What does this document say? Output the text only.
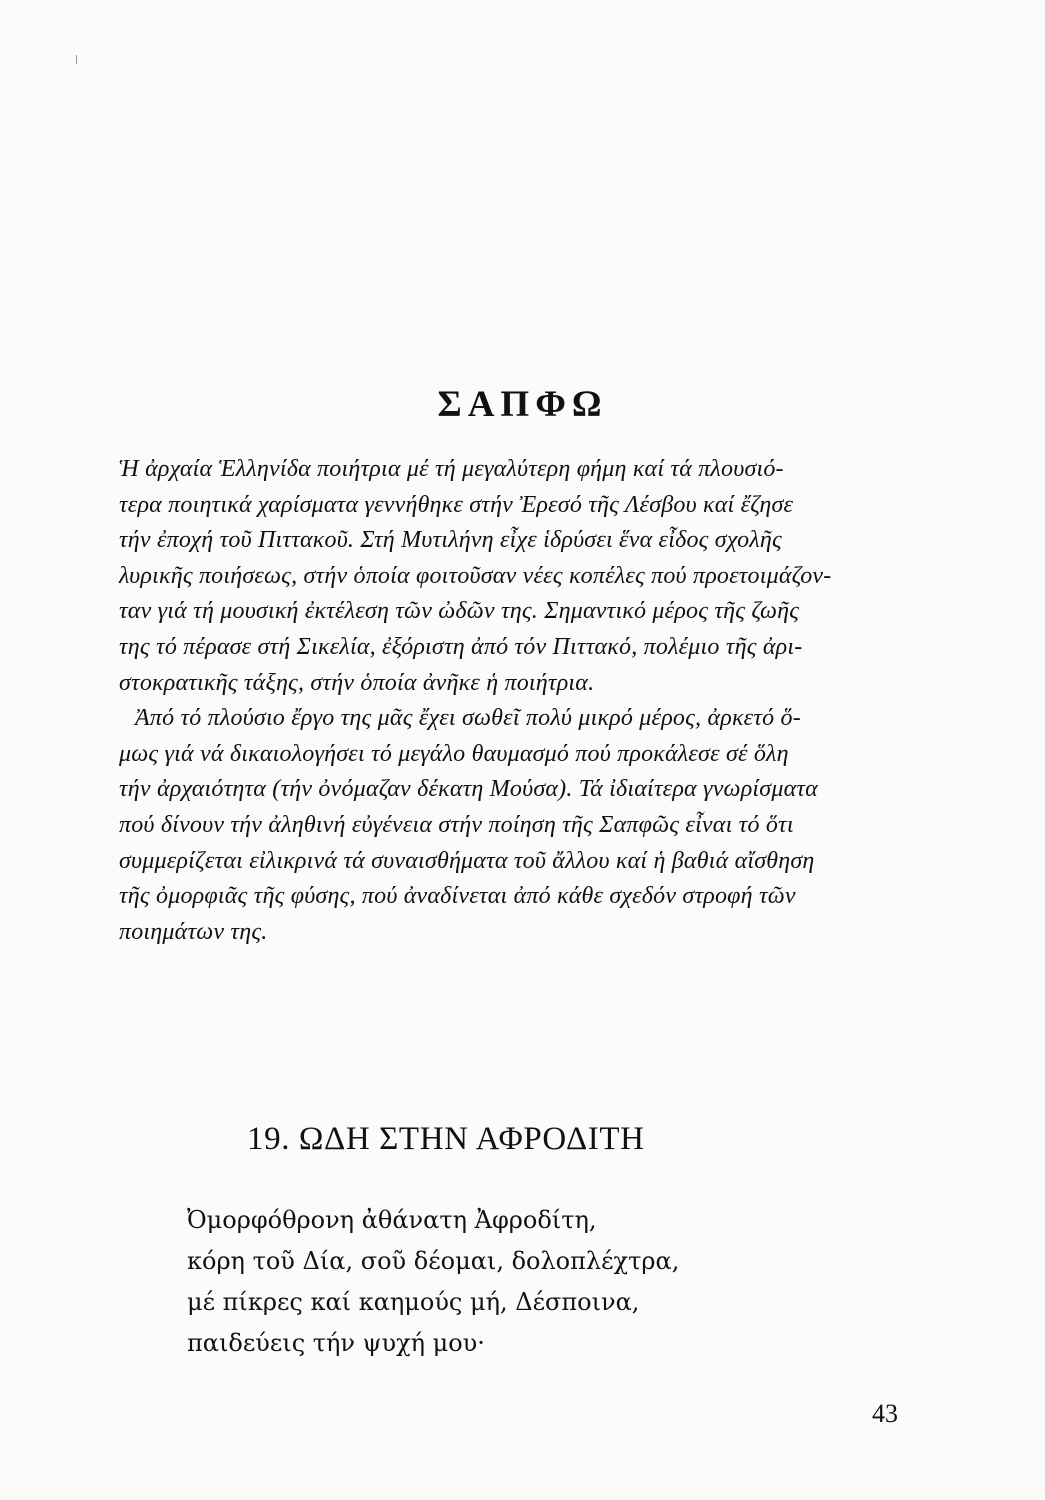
ΣΑΠΦΩ
Ἡ ἀρχαία Ἑλληνίδα ποιήτρια μέ τή μεγαλύτερη φήμη καί τά πλουσιό-
τερα ποιητικά χαρίσματα γεννήθηκε στήν Ἐρεσό τῆς Λέσβου καί ἔζησε
τήν ἐποχή τοῦ Πιττακοῦ. Στή Μυτιλήνη εἶχε ἱδρύσει ἕνα εἶδος σχολῆς
λυρικῆς ποιήσεως, στήν ὁποία φοιτοῦσαν νέες κοπέλες πού προετοιμάζον-
ταν γιά τή μουσική ἐκτέλεση τῶν ὠδῶν της. Σημαντικό μέρος τῆς ζωῆς
της τό πέρασε στή Σικελία, ἐξόριστη ἀπό τόν Πιττακό, πολέμιο τῆς ἀρι-
στοκρατικῆς τάξης, στήν ὁποία ἀνῆκε ἡ ποιήτρια.
Ἀπό τό πλούσιο ἔργο της μᾶς ἔχει σωθεῖ πολύ μικρό μέρος, ἀρκετό ὅ-
μως γιά νά δικαιολογήσει τό μεγάλο θαυμασμό πού προκάλεσε σέ ὅλη
τήν ἀρχαιότητα (τήν ὀνόμαζαν δέκατη Μούσα). Τά ἰδιαίτερα γνωρίσματα
πού δίνουν τήν ἀληθινή εὐγένεια στήν ποίηση τῆς Σαπφῶς εἶναι τό ὅτι
συμμερίζεται εἰλικρινά τά συναισθήματα τοῦ ἄλλου καί ἡ βαθιά αἴσθηση
τῆς ὀμορφιᾶς τῆς φύσης, πού ἀναδίνεται ἀπό κάθε σχεδόν στροφή τῶν
ποιημάτων της.
19. ΩΔΗ ΣΤΗΝ ΑΦΡΟΔΙΤΗ
Ὀμορφόθρονη ἀθάνατη Ἀφροδίτη,
κόρη τοῦ Δία, σοῦ δέομαι, δολοπλέχτρα,
μέ πίκρες καί καημούς μή, Δέσποινα,
παιδεύεις τήν ψυχή μου·
43
